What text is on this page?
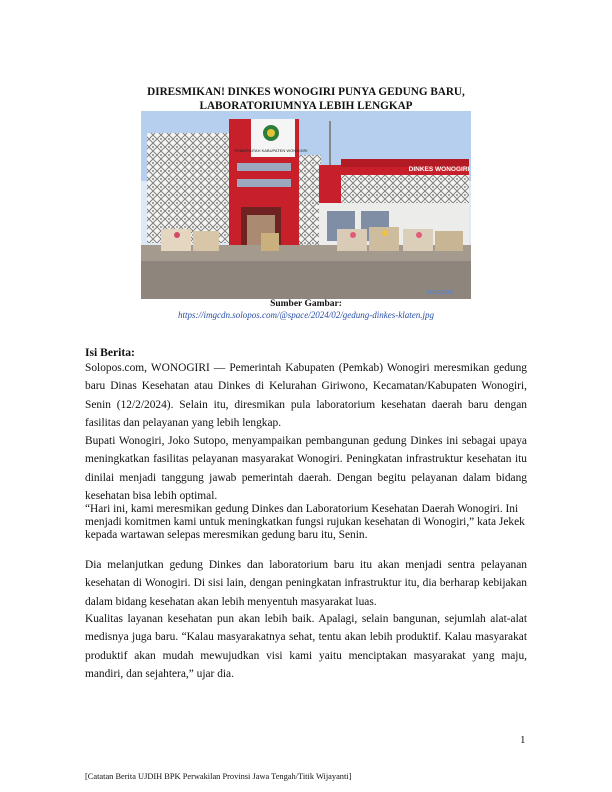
DIRESMIKAN! DINKES WONOGIRI PUNYA GEDUNG BARU,
LABORATORIUMNYA LEBIH LENGKAP
PEMERINTAH KABUPATEN WONOGIRI
DINKES WONOGIRI
solopos
Sumber Gambar:
https://imgcdn.solopos.com/@space/2024/02/gedung-dinkes-klaten.jpg
Isi Berita:

Solopos.com, WONOGIRI — Pemerintah Kabupaten (Pemkab) Wonogiri meresmikan gedung baru Dinas Kesehatan atau Dinkes di Kelurahan Giriwono, Kecamatan/Kabupaten Wonogiri, Senin (12/2/2024). Selain itu, diresmikan pula laboratorium kesehatan daerah baru dengan fasilitas dan pelayanan yang lebih lengkap.

Bupati Wonogiri, Joko Sutopo, menyampaikan pembangunan gedung Dinkes ini sebagai upaya meningkatkan fasilitas pelayanan masyarakat Wonogiri. Peningkatan infrastruktur kesehatan itu dinilai menjadi tanggung jawab pemerintah daerah. Dengan begitu pelayanan dalam bidang kesehatan bisa lebih optimal.

“Hari ini, kami meresmikan gedung Dinkes dan Laboratorium Kesehatan Daerah Wonogiri. Ini menjadi komitmen kami untuk meningkatkan fungsi rujukan kesehatan di Wonogiri,” kata Jekek kepada wartawan selepas meresmikan gedung baru itu, Senin.

Dia melanjutkan gedung Dinkes dan laboratorium baru itu akan menjadi sentra pelayanan kesehatan di Wonogiri. Di sisi lain, dengan peningkatan infrastruktur itu, dia berharap kebijakan dalam bidang kesehatan akan lebih menyentuh masyarakat luas.

Kualitas layanan kesehatan pun akan lebih baik. Apalagi, selain bangunan, sejumlah alat-alat medisnya juga baru. “Kalau masyarakatnya sehat, tentu akan lebih produktif. Kalau masyarakat produktif akan mudah mewujudkan visi kami yaitu menciptakan masyarakat yang maju, mandiri, dan sejahtera,” ujar dia.

1
[Catatan Berita UJDIH BPK Perwakilan Provinsi Jawa Tengah/Titik Wijayanti]
